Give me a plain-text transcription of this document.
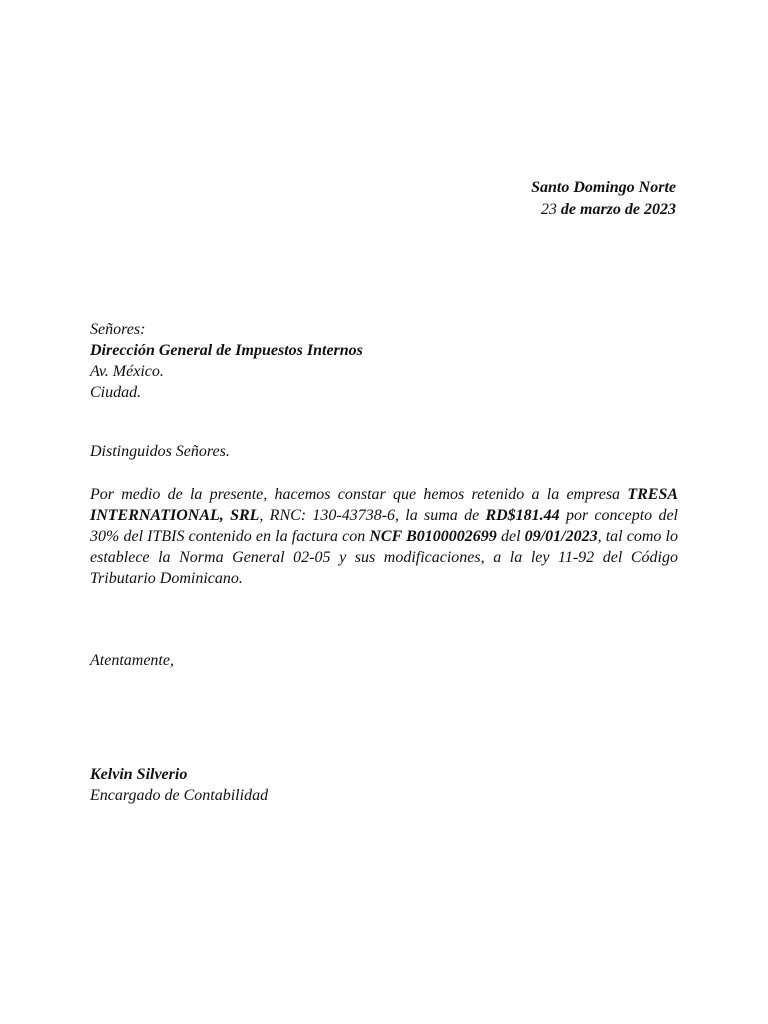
Santo Domingo Norte
23 de marzo de 2023
Señores:
Dirección General de Impuestos Internos
Av. México.
Ciudad.
Distinguidos Señores.
Por medio de la presente, hacemos constar que hemos retenido a la empresa TRESA INTERNATIONAL, SRL, RNC: 130-43738-6, la suma de RD$181.44 por concepto del 30% del ITBIS contenido en la factura con NCF B0100002699 del 09/01/2023, tal como lo establece la Norma General 02-05 y sus modificaciones, a la ley 11-92 del Código Tributario Dominicano.
Atentamente,
Kelvin Silverio
Encargado de Contabilidad
